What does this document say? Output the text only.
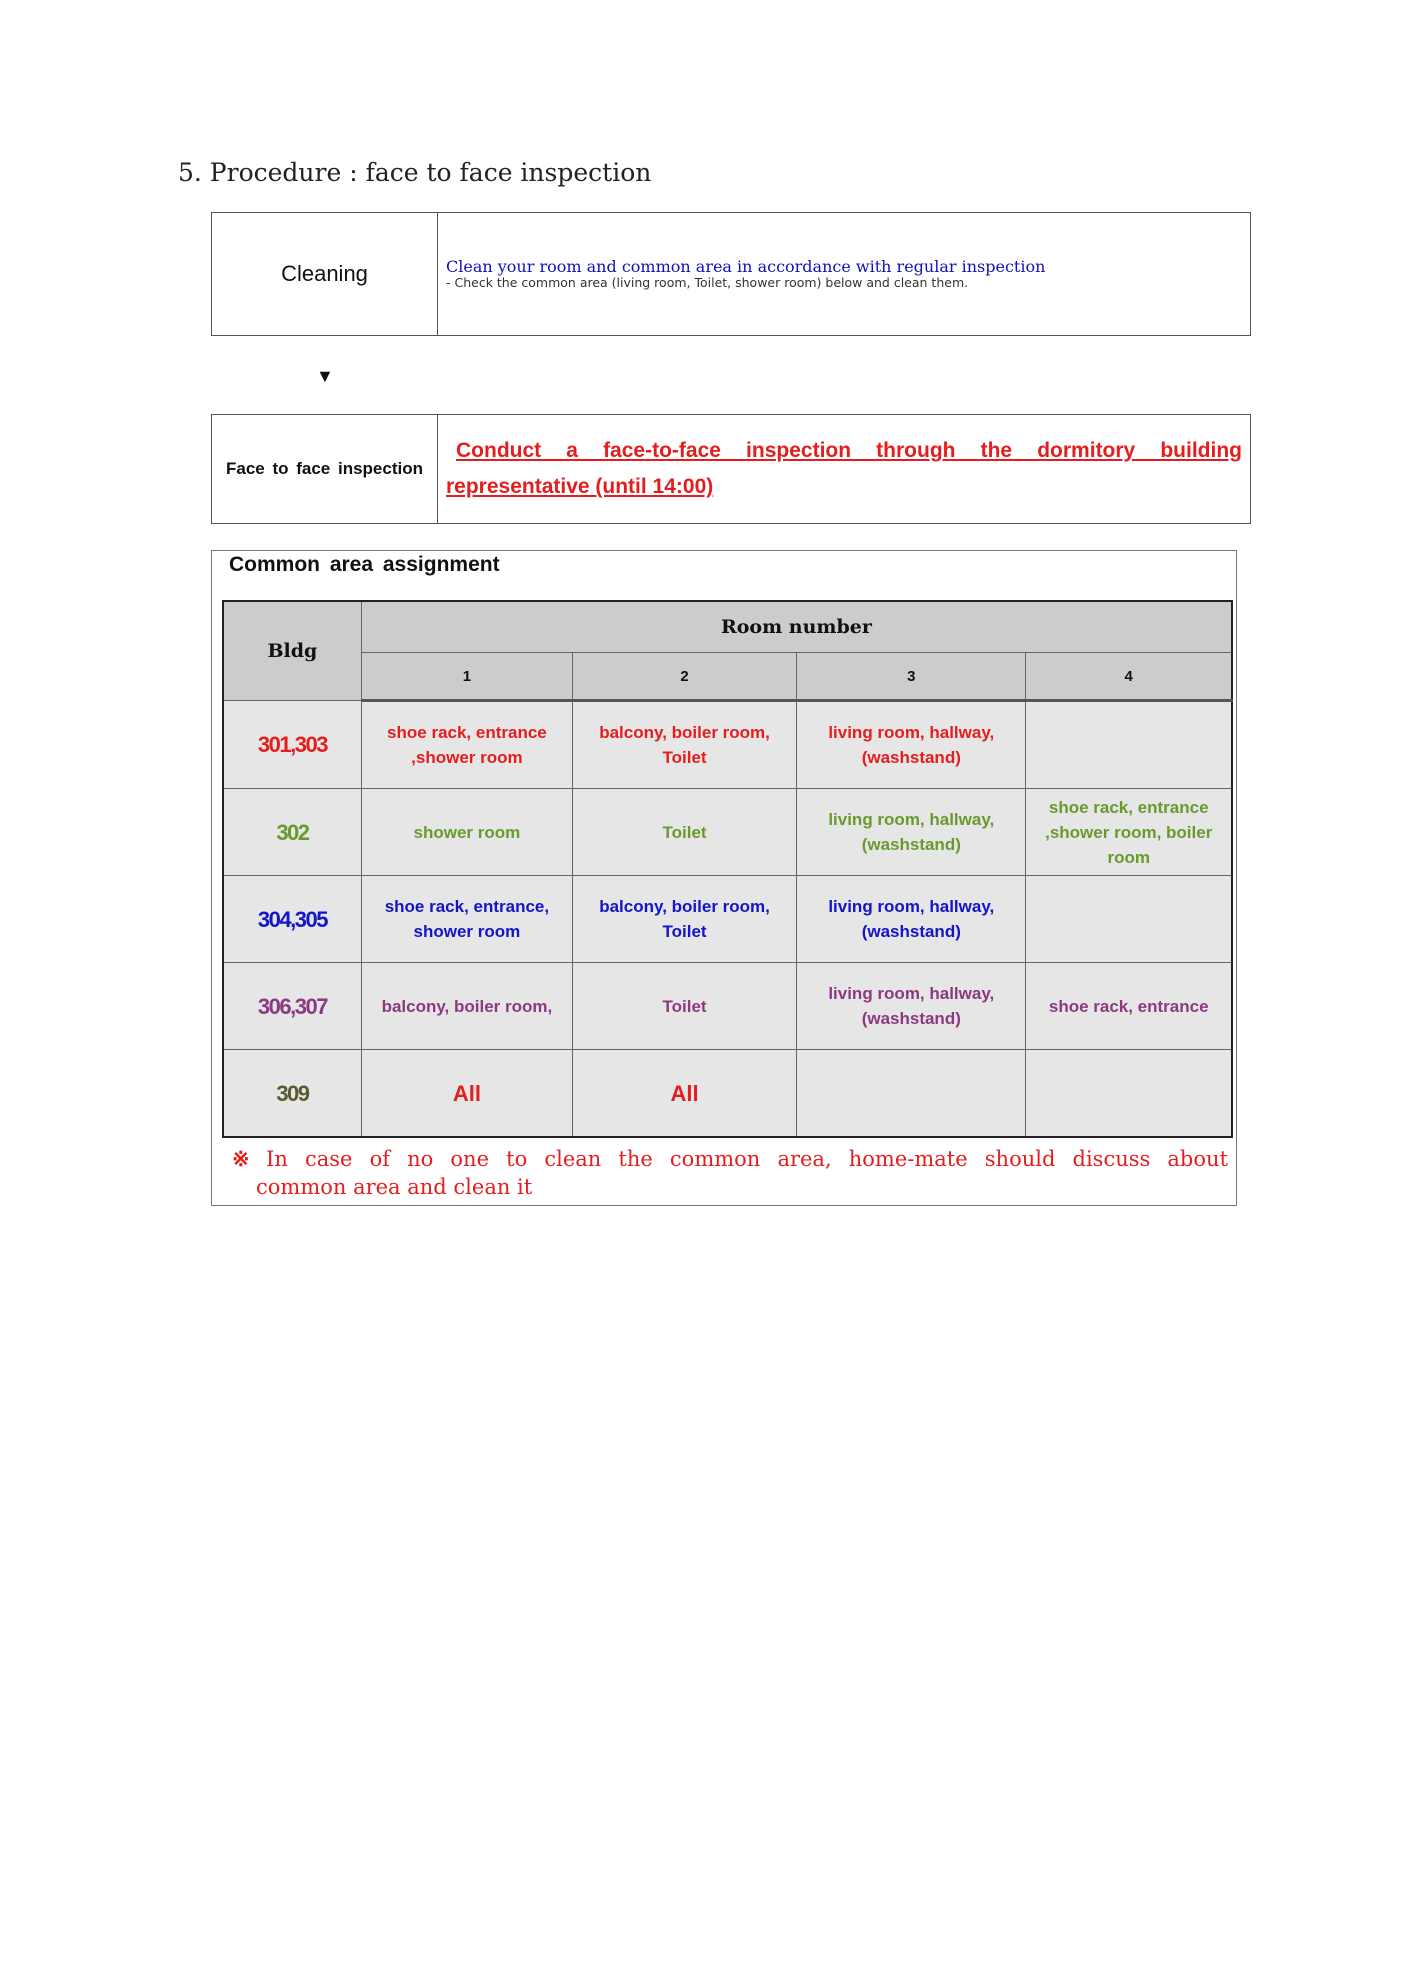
5. Procedure : face to face inspection
Cleaning	Clean your room and common area in accordance with regular inspection
- Check the common area (living room, Toilet, shower room) below and clean them.
▼
Face to face inspection
Conduct a face-to-face inspection through the dormitory building
representative (until 14:00)
Common area assignment
Bldg	Room number			
	1	2	3	4
301,303	shoe rack, entrance ,shower room	balcony, boiler room, Toilet	living room, hallway,(washstand)	
302	shower room	Toilet	living room, hallway,(washstand)	shoe rack, entrance ,shower room, boiler room
304,305	shoe rack, entrance, shower room	balcony, boiler room, Toilet	living room, hallway,(washstand)	
306,307	balcony, boiler room,	Toilet	living room, hallway,(washstand)	shoe rack, entrance
309	All	All		
※ In case of no one to clean the common area, home-mate should discuss about
common area and clean it
